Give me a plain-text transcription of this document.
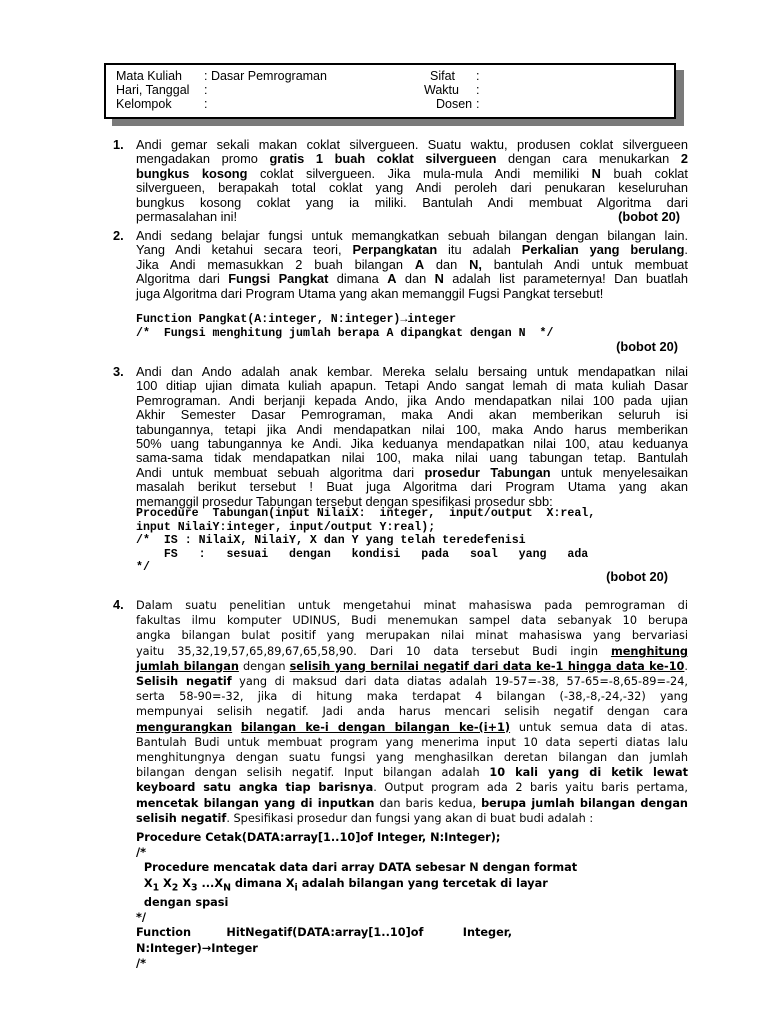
Mata Kuliah : Dasar Pemrograman
Hari, Tanggal :
Kelompok	:
Sifat :
Waktu :
Dosen :
1. Andi gemar sekali makan coklat silvergueen. Suatu waktu, produsen coklat silvergueen
mengadakan promo gratis 1 buah coklat silvergueen dengan cara menukarkan 2
bungkus kosong coklat silvergueen. Jika mula-mula Andi memiliki N buah coklat
silvergueen, berapakah total coklat yang Andi peroleh dari penukaran keseluruhan
bungkus kosong coklat yang ia miliki. Bantulah Andi membuat Algoritma dari
permasalahan ini!	(bobot 20)
2. Andi sedang belajar fungsi untuk memangkatkan sebuah bilangan dengan bilangan lain.
Yang Andi ketahui secara teori, Perpangkatan itu adalah Perkalian yang berulang.
Jika Andi memasukkan 2 buah bilangan A dan N, bantulah Andi untuk membuat
Algoritma dari Fungsi Pangkat dimana A dan N adalah list parameternya! Dan buatlah
juga Algoritma dari Program Utama yang akan memanggil Fugsi Pangkat tersebut!
Function Pangkat(A:integer, N:integer)→integer
/*  Fungsi menghitung jumlah berapa A dipangkat dengan N  */
(bobot 20)
3. Andi dan Ando adalah anak kembar. Mereka selalu bersaing untuk mendapatkan nilai
100 ditiap ujian dimata kuliah apapun. Tetapi Ando sangat lemah di mata kuliah Dasar
Pemrograman. Andi berjanji kepada Ando, jika Ando mendapatkan nilai 100 pada ujian
Akhir Semester Dasar Pemrograman, maka Andi akan memberikan seluruh isi
tabungannya, tetapi jika Andi mendapatkan nilai 100, maka Ando harus memberikan
50% uang tabungannya ke Andi. Jika keduanya mendapatkan nilai 100, atau keduanya
sama-sama tidak mendapatkan nilai 100, maka nilai uang tabungan tetap. Bantulah
Andi untuk membuat sebuah algoritma dari prosedur Tabungan untuk menyelesaikan
masalah berikut tersebut ! Buat juga Algoritma dari Program Utama yang akan
memanggil prosedur Tabungan tersebut dengan spesifikasi prosedur sbb:
Procedure  Tabungan(input NilaiX:  integer,  input/output  X:real,
input NilaiY:integer, input/output Y:real);
/*  IS : NilaiX, NilaiY, X dan Y yang telah teredefenisi
FS   :   sesuai   dengan   kondisi   pada   soal   yang   ada
*/
(bobot 20)
4. Dalam suatu penelitian untuk mengetahui minat mahasiswa pada pemrograman di
fakultas ilmu komputer UDINUS, Budi menemukan sampel data sebanyak 10 berupa
angka bilangan bulat positif yang merupakan nilai minat mahasiswa yang bervariasi
yaitu 35,32,19,57,65,89,67,65,58,90. Dari 10 data tersebut Budi ingin menghitung
jumlah bilangan dengan selisih yang bernilai negatif dari data ke-1 hingga data ke-10.
Selisih negatif yang di maksud dari data diatas adalah 19-57=-38, 57-65=-8,65-89=-24,
serta 58-90=-32, jika di hitung maka terdapat 4 bilangan (-38,-8,-24,-32) yang
mempunyai selisih negatif. Jadi anda harus mencari selisih negatif dengan cara
mengurangkan bilangan ke-i dengan bilangan ke-(i+1) untuk semua data di atas.
Bantulah Budi untuk membuat program yang menerima input 10 data seperti diatas lalu
menghitungnya dengan suatu fungsi yang menghasilkan deretan bilangan dan jumlah
bilangan dengan selisih negatif. Input bilangan adalah 10 kali yang di ketik lewat
keyboard satu angka tiap barisnya. Output program ada 2 baris yaitu baris pertama,
mencetak bilangan yang di inputkan dan baris kedua, berupa jumlah bilangan dengan
selisih negatif. Spesifikasi prosedur dan fungsi yang akan di buat budi adalah :
Procedure Cetak(DATA:array[1..10]of Integer, N:Integer);
/*
Procedure mencatak data dari array DATA sebesar N dengan format
$X_1$ $X_2$ $X_3$ $...X_N$ dimana $X_i$ adalah bilangan yang tercetak di layar
dengan spasi
*/
Function         HitNegatif(DATA:array[1..10]of          Integer,
N:Integer)→Integer
/*
